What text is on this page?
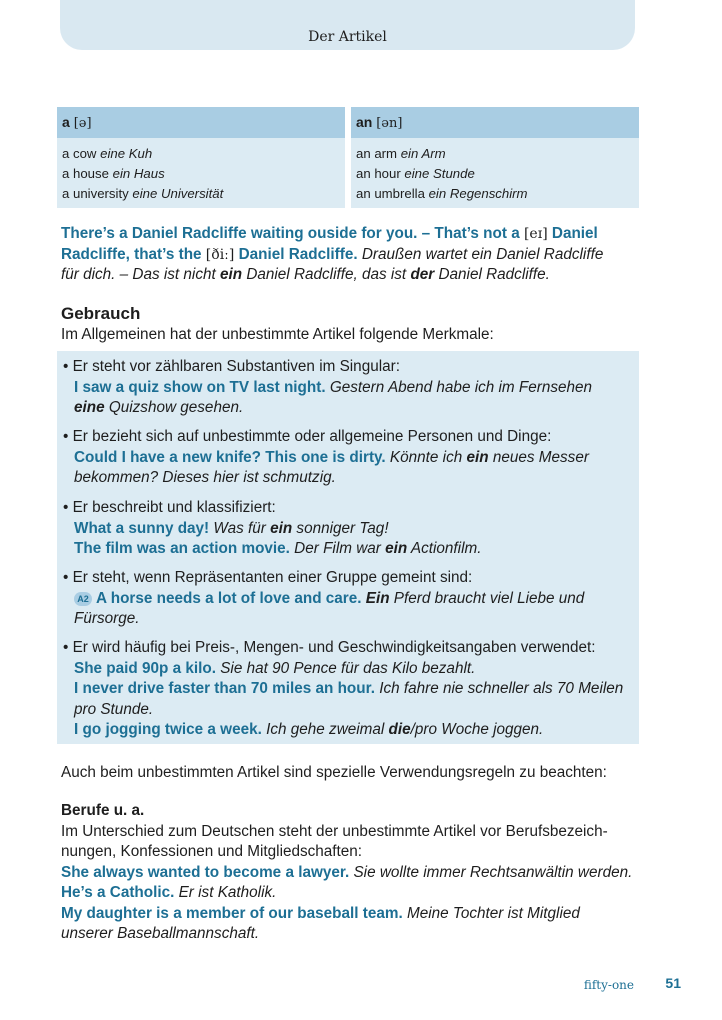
Der Artikel
a [ə]
a cow eine Kuh
a house ein Haus
a university eine Universität
an [ən]
an arm ein Arm
an hour eine Stunde
an umbrella ein Regenschirm
There’s a Daniel Radcliffe waiting ouside for you. – That’s not a [eɪ] Daniel
Radcliffe, that’s the [ðiː] Daniel Radcliffe. Draußen wartet ein Daniel Radcliffe
für dich. – Das ist nicht ein Daniel Radcliffe, das ist der Daniel Radcliffe.
Gebrauch
Im Allgemeinen hat der unbestimmte Artikel folgende Merkmale:
• Er steht vor zählbaren Substantiven im Singular:
I saw a quiz show on TV last night. Gestern Abend habe ich im Fernsehen
eine Quizshow gesehen.
• Er bezieht sich auf unbestimmte oder allgemeine Personen und Dinge:
Could I have a new knife? This one is dirty. Könnte ich ein neues Messer
bekommen? Dieses hier ist schmutzig.
• Er beschreibt und klassifiziert:
What a sunny day! Was für ein sonniger Tag!
The film was an action movie. Der Film war ein Actionfilm.
• Er steht, wenn Repräsentanten einer Gruppe gemeint sind:
A2 A horse needs a lot of love and care. Ein Pferd braucht viel Liebe und
Fürsorge.
• Er wird häufig bei Preis-, Mengen- und Geschwindigkeitsangaben verwendet:
She paid 90p a kilo. Sie hat 90 Pence für das Kilo bezahlt.
I never drive faster than 70 miles an hour. Ich fahre nie schneller als 70 Meilen
pro Stunde.
I go jogging twice a week. Ich gehe zweimal die/pro Woche joggen.
Auch beim unbestimmten Artikel sind spezielle Verwendungsregeln zu beachten:
Berufe u. a.
Im Unterschied zum Deutschen steht der unbestimmte Artikel vor Berufsbezeich-
nungen, Konfessionen und Mitgliedschaften:
She always wanted to become a lawyer. Sie wollte immer Rechtsanwältin werden.
He’s a Catholic. Er ist Katholik.
My daughter is a member of our baseball team. Meine Tochter ist Mitglied
unserer Baseballmannschaft.
fifty-one 51
